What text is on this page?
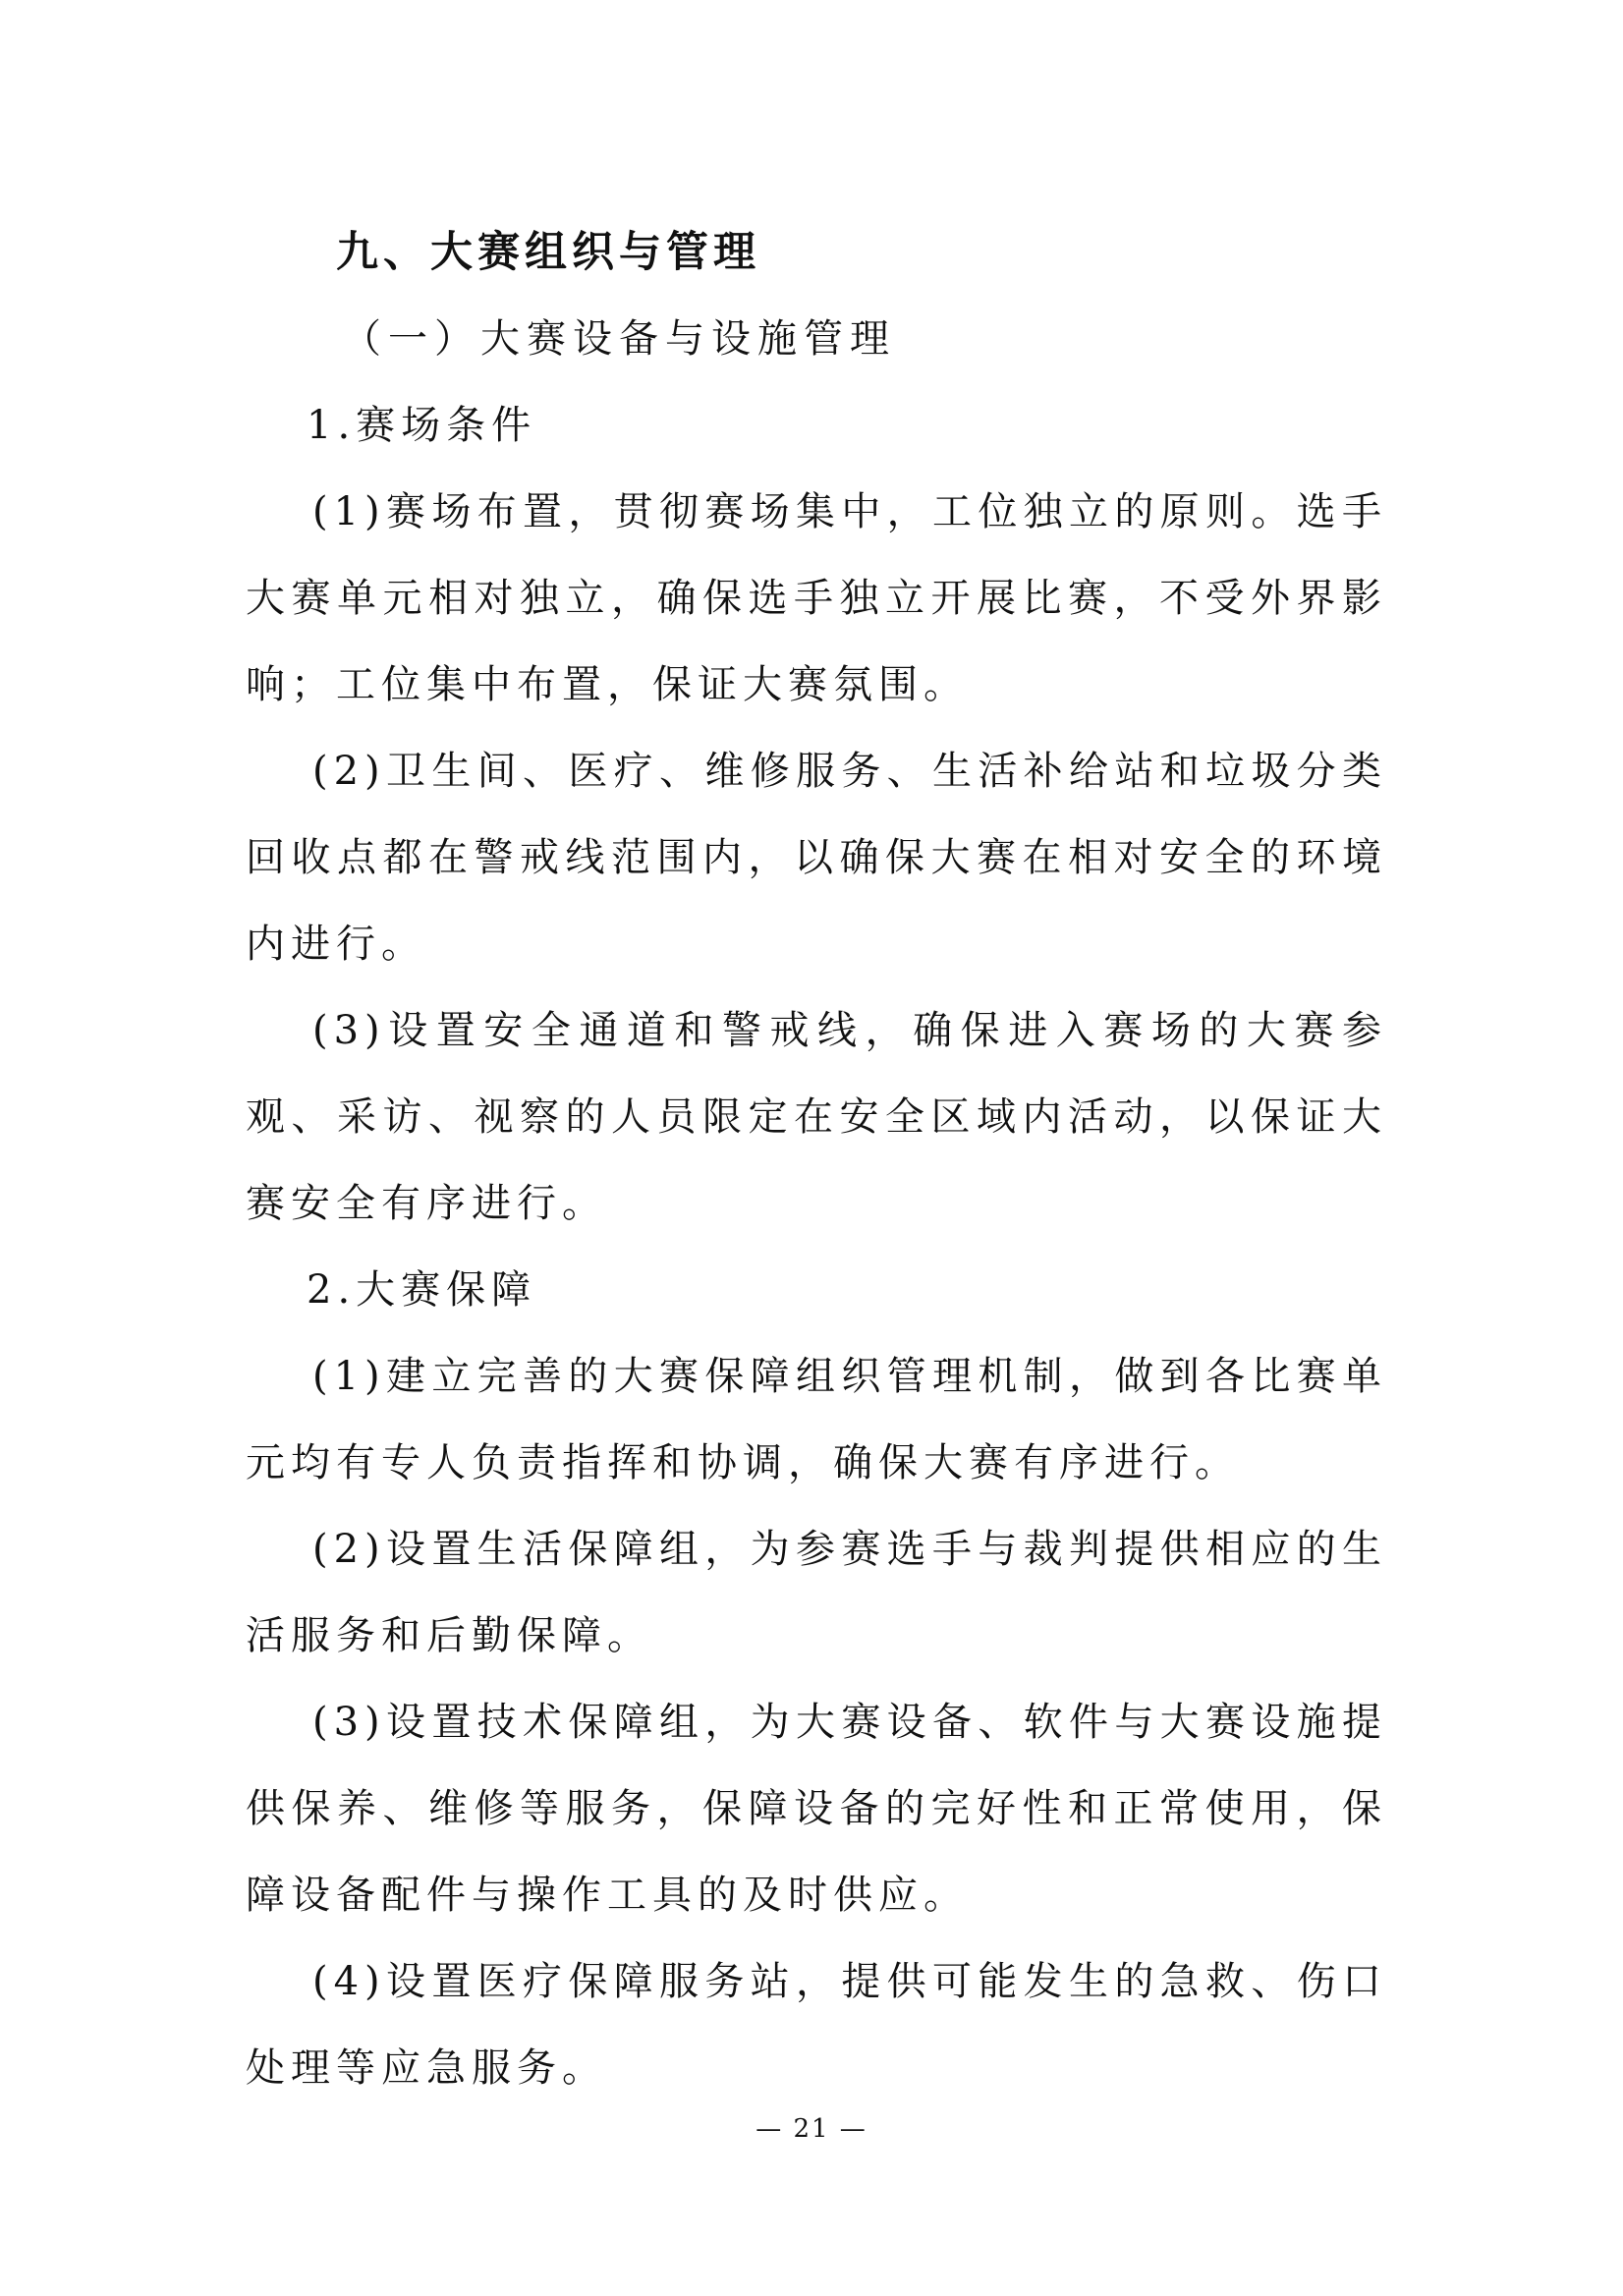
九、大赛组织与管理
（一）大赛设备与设施管理
1.赛场条件

(1)赛场布置，贯彻赛场集中，工位独立的原则。选手大赛单元相对独立，确保选手独立开展比赛，不受外界影响；工位集中布置，保证大赛氛围。

(2)卫生间、医疗、维修服务、生活补给站和垃圾分类回收点都在警戒线范围内，以确保大赛在相对安全的环境内进行。

(3)设置安全通道和警戒线，确保进入赛场的大赛参观、采访、视察的人员限定在安全区域内活动，以保证大赛安全有序进行。

2.大赛保障

(1)建立完善的大赛保障组织管理机制，做到各比赛单元均有专人负责指挥和协调，确保大赛有序进行。

(2)设置生活保障组，为参赛选手与裁判提供相应的生活服务和后勤保障。

(3)设置技术保障组，为大赛设备、软件与大赛设施提供保养、维修等服务，保障设备的完好性和正常使用，保障设备配件与操作工具的及时供应。

(4)设置医疗保障服务站，提供可能发生的急救、伤口处理等应急服务。

— 21 —
